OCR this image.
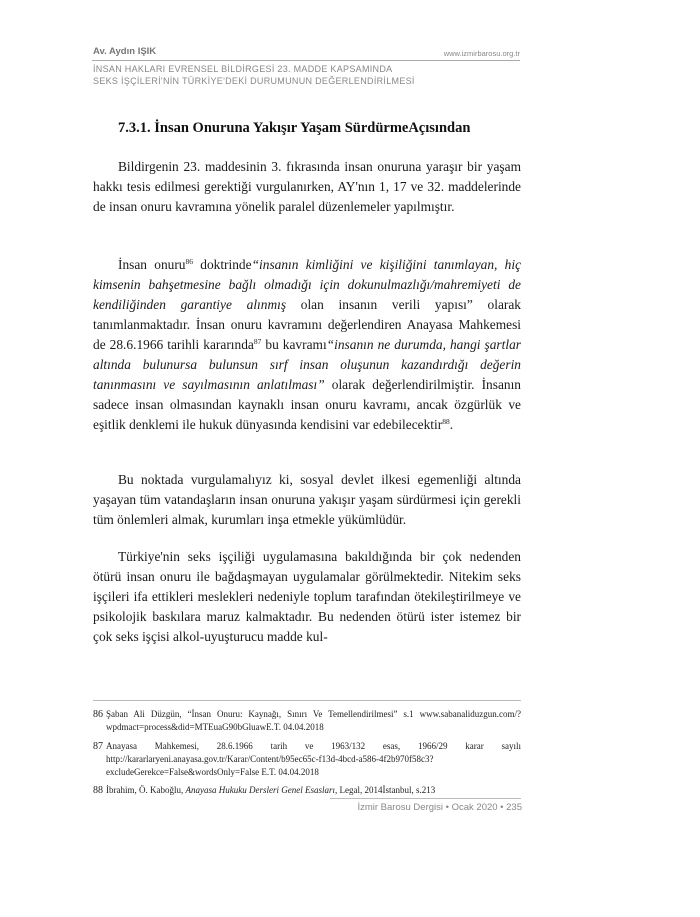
Av. Aydın IŞIK	www.izmirbarosu.org.tr
İNSAN HAKLARI EVRENSEL BİLDİRGESİ 23. MADDE KAPSAMINDA
SEKS İŞÇİLERİ'NİN TÜRKİYE'DEKİ DURUMUNUN DEĞERLENDİRİLMESİ
7.3.1. İnsan Onuruna Yakışır Yaşam SürdürmeAçısından

Bildirgenin 23. maddesinin 3. fıkrasında insan onuruna yaraşır bir yaşam hakkı tesis edilmesi gerektiği vurgulanırken, AY'nın 1, 17 ve 32. maddelerinde de insan onuru kavramına yönelik paralel düzenlemeler yapılmıştır.

İnsan onuru$^{86}$ doktrinde“insanın kimliğini ve kişiliğini tanımlayan, hiç kimsenin bahşetmesine bağlı olmadığı için dokunulmazlığı/mahremiyeti de kendiliğinden garantiye alınmış olan insanın verili yapısı” olarak tanımlanmaktadır. İnsan onuru kavramını değerlendiren Anayasa Mahkemesi de 28.6.1966 tarihli kararında$^{87}$ bu kavramı“insanın ne durumda, hangi şartlar altında bulunursa bulunsun sırf insan oluşunun kazandırdığı değerin tanınmasını ve sayılmasının anlatılması” olarak değerlendirilmiştir. İnsanın sadece insan olmasından kaynaklı insan onuru kavramı, ancak özgürlük ve eşitlik denklemi ile hukuk dünyasında kendisini var edebilecektir$^{88}$.

Bu noktada vurgulamalıyız ki, sosyal devlet ilkesi egemenliği altında yaşayan tüm vatandaşların insan onuruna yakışır yaşam sürdürmesi için gerekli tüm önlemleri almak, kurumları inşa etmekle yükümlüdür.

Türkiye'nin seks işçiliği uygulamasına bakıldığında bir çok nedenden ötürü insan onuru ile bağdaşmayan uygulamalar görülmektedir. Nitekim seks işçileri ifa ettikleri meslekleri nedeniyle toplum tarafından ötekileştirilmeye ve psikolojik baskılara maruz kalmaktadır. Bu nedenden ötürü ister istemez bir çok seks işçisi alkol-uyuşturucu madde kul-

86 Şaban Ali Düzgün, “İnsan Onuru: Kaynağı, Sınırı Ve Temellendirilmesi” s.1 www.sabanaliduzgun.com/?wpdmact=process&did=MTEuaG90bGluawE.T. 04.04.2018
87 Anayasa Mahkemesi, 28.6.1966 tarih ve 1963/132 esas, 1966/29 karar sayılı http://kararlaryeni.anayasa.gov.tr/Karar/Content/b95ec65c-f13d-4bcd-a586-4f2b970f58c3?excludeGerekce=False&wordsOnly=False E.T. 04.04.2018
88 İbrahim, Ö. Kaboğlu, Anayasa Hukuku Dersleri Genel Esasları, Legal, 2014İstanbul, s.213
İzmir Barosu Dergisi • Ocak 2020 • 235
